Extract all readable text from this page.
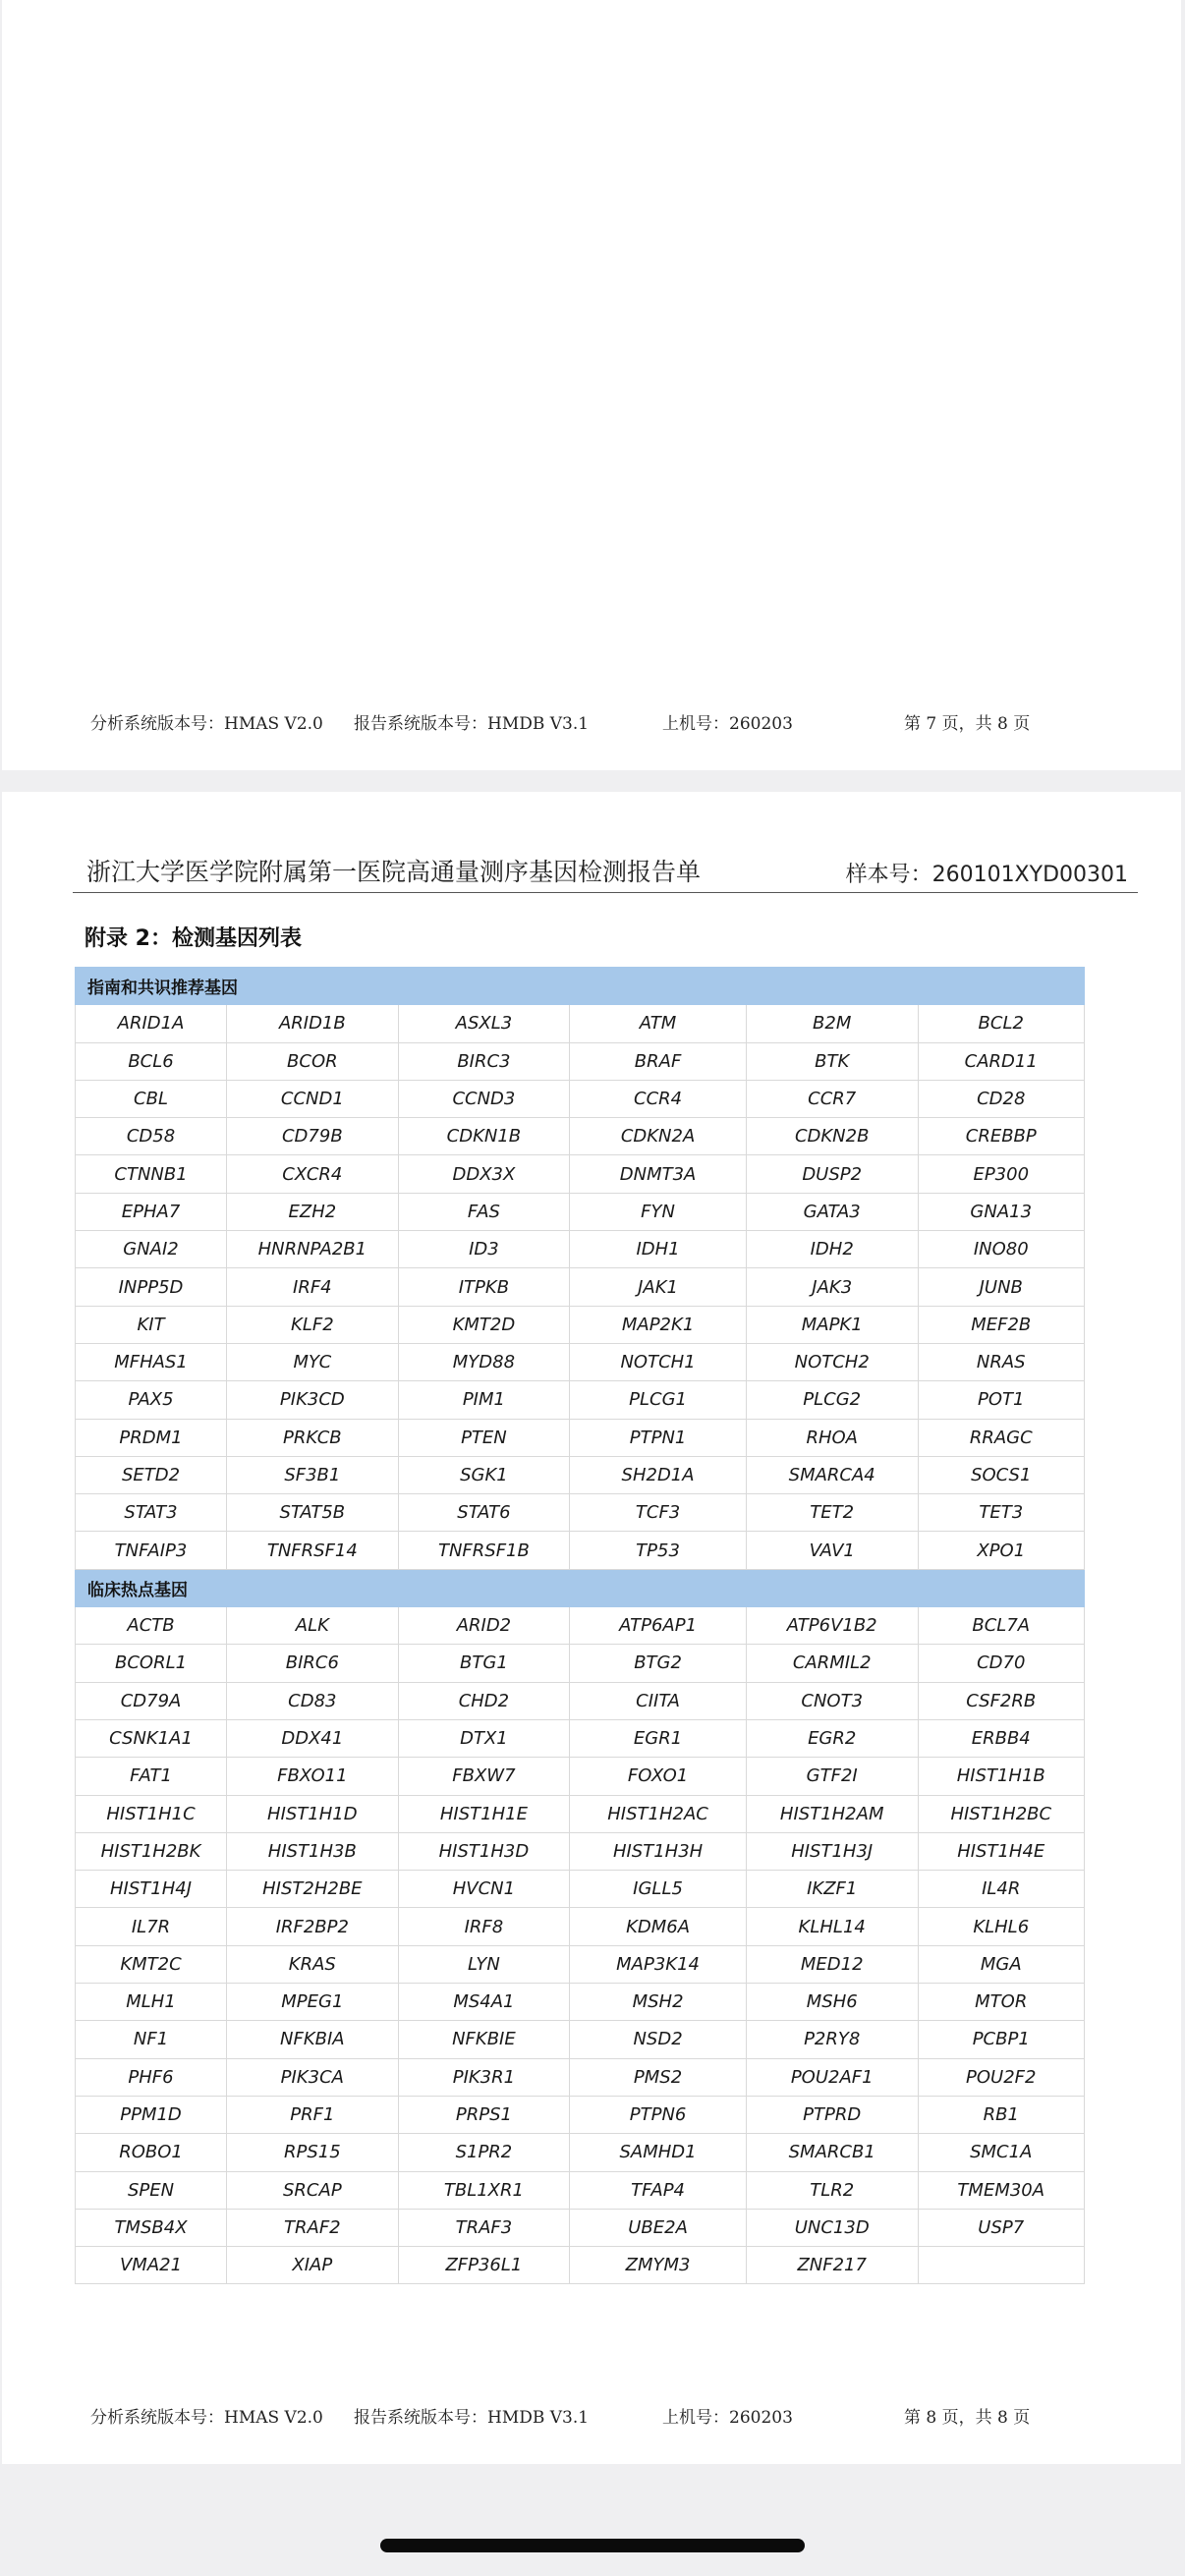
分析系统版本号：HMAS V2.0 报告系统版本号：HMDB V3.1	上机号：260203	第 7 页，共 8 页
浙江大学医学院附属第一医院高通量测序基因检测报告单	样本号：260101XYD00301
附录 2：检测基因列表
指南和共识推荐基因					
ARID1A	ARID1B	ASXL3	ATM	B2M	BCL2
BCL6	BCOR	BIRC3	BRAF	BTK	CARD11
CBL	CCND1	CCND3	CCR4	CCR7	CD28
CD58	CD79B	CDKN1B	CDKN2A	CDKN2B	CREBBP
CTNNB1	CXCR4	DDX3X	DNMT3A	DUSP2	EP300
EPHA7	EZH2	FAS	FYN	GATA3	GNA13
GNAI2	HNRNPA2B1	ID3	IDH1	IDH2	INO80
INPP5D	IRF4	ITPKB	JAK1	JAK3	JUNB
KIT	KLF2	KMT2D	MAP2K1	MAPK1	MEF2B
MFHAS1	MYC	MYD88	NOTCH1	NOTCH2	NRAS
PAX5	PIK3CD	PIM1	PLCG1	PLCG2	POT1
PRDM1	PRKCB	PTEN	PTPN1	RHOA	RRAGC
SETD2	SF3B1	SGK1	SH2D1A	SMARCA4	SOCS1
STAT3	STAT5B	STAT6	TCF3	TET2	TET3
TNFAIP3	TNFRSF14	TNFRSF1B	TP53	VAV1	XPO1
临床热点基因					
ACTB	ALK	ARID2	ATP6AP1	ATP6V1B2	BCL7A
BCORL1	BIRC6	BTG1	BTG2	CARMIL2	CD70
CD79A	CD83	CHD2	CIITA	CNOT3	CSF2RB
CSNK1A1	DDX41	DTX1	EGR1	EGR2	ERBB4
FAT1	FBXO11	FBXW7	FOXO1	GTF2I	HIST1H1B
HIST1H1C	HIST1H1D	HIST1H1E	HIST1H2AC	HIST1H2AM	HIST1H2BC
HIST1H2BK	HIST1H3B	HIST1H3D	HIST1H3H	HIST1H3J	HIST1H4E
HIST1H4J	HIST2H2BE	HVCN1	IGLL5	IKZF1	IL4R
IL7R	IRF2BP2	IRF8	KDM6A	KLHL14	KLHL6
KMT2C	KRAS	LYN	MAP3K14	MED12	MGA
MLH1	MPEG1	MS4A1	MSH2	MSH6	MTOR
NF1	NFKBIA	NFKBIE	NSD2	P2RY8	PCBP1
PHF6	PIK3CA	PIK3R1	PMS2	POU2AF1	POU2F2
PPM1D	PRF1	PRPS1	PTPN6	PTPRD	RB1
ROBO1	RPS15	S1PR2	SAMHD1	SMARCB1	SMC1A
SPEN	SRCAP	TBL1XR1	TFAP4	TLR2	TMEM30A
TMSB4X	TRAF2	TRAF3	UBE2A	UNC13D	USP7
VMA21	XIAP	ZFP36L1	ZMYM3	ZNF217	
分析系统版本号：HMAS V2.0 报告系统版本号：HMDB V3.1	上机号：260203	第 8 页，共 8 页
